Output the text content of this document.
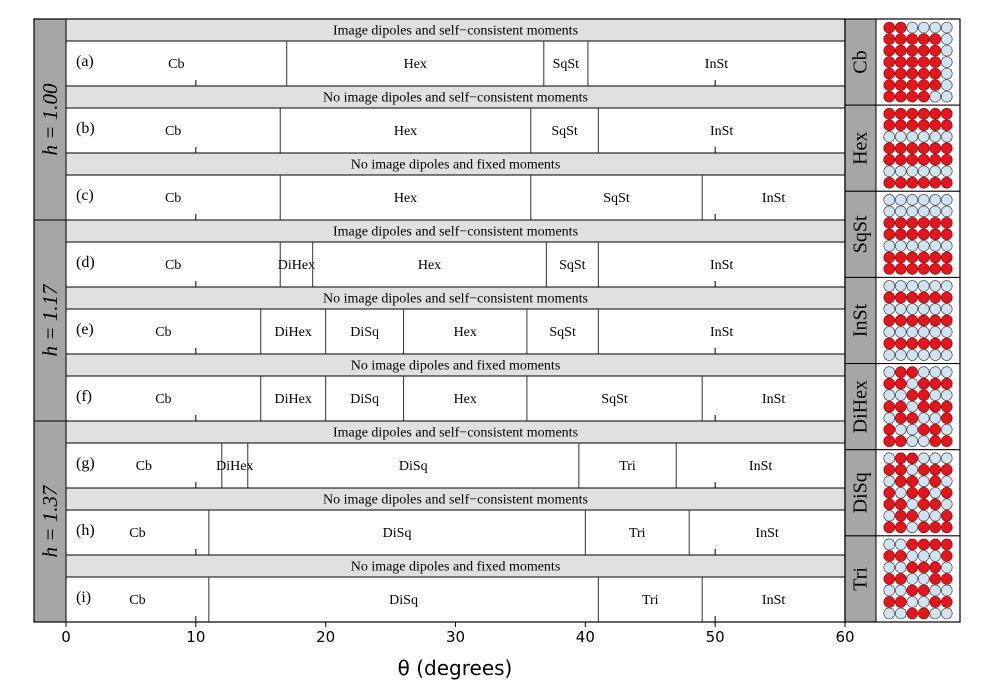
h = 1.00
Image dipoles and self−consistent moments
Cb	Hex	SqSt	InSt
(a)
No image dipoles and self−consistent moments
Cb	Hex	SqSt	InSt
(b)
No image dipoles and fixed moments
Cb	Hex	SqSt	InSt
(c)
h = 1.17
Image dipoles and self−consistent moments
Cb	DiHex	Hex	SqSt	InSt
(d)
No image dipoles and self−consistent moments
Cb	DiHex	DiSq	Hex	SqSt	InSt
(e)
No image dipoles and fixed moments
Cb	DiHex	DiSq	Hex	SqSt	InSt
(f)
h = 1.37
Image dipoles and self−consistent moments
Cb	DiHex	DiSq	Tri	InSt
(g)
No image dipoles and self−consistent moments
Cb	DiSq	Tri	InSt
(h)
No image dipoles and fixed moments
Cb	DiSq	Tri	InSt
(i)
0	10	20	30	40	50	60
Cb
Hex
SqSt
InSt
DiHex
DiSq
Tri
θ (degrees)
